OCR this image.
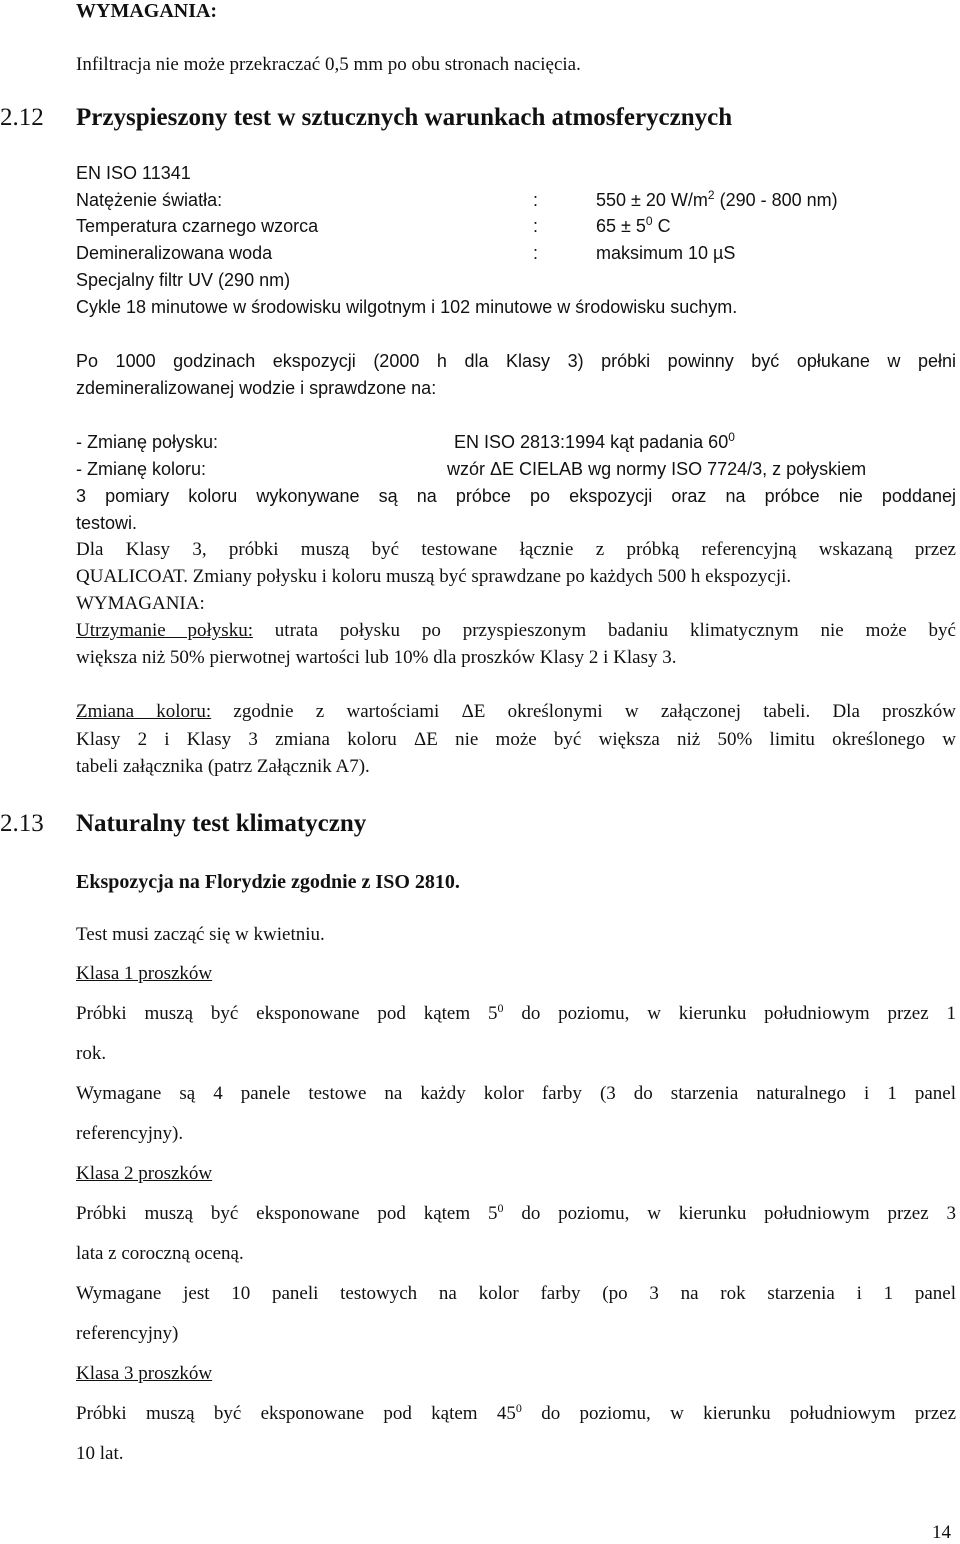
WYMAGANIA:
Infiltracja nie może przekraczać 0,5 mm po obu stronach nacięcia.
2.12 Przyspieszony test w sztucznych warunkach atmosferycznych
EN ISO 11341
Natężenie światła:	:	550 ± 20 $W/m^2$ (290 - 800 nm)
Temperatura czarnego wzorca	:	$65 \pm 5^0$ C
Demineralizowana woda	:	maksimum 10 µS
Specjalny filtr UV (290 nm)
Cykle 18 minutowe w środowisku wilgotnym i 102 minutowe w środowisku suchym.
Po 1000 godzinach ekspozycji (2000 h dla Klasy 3) próbki powinny być opłukane w pełni
zdemineralizowanej wodzie i sprawdzone na:
- Zmianę połysku:	EN ISO 2813:1994 kąt padania $60^0$
- Zmianę koloru:	wzór ΔE CIELAB wg normy ISO 7724/3, z połyskiem
3 pomiary koloru wykonywane są na próbce po ekspozycji oraz na próbce nie poddanej
testowi.
Dla Klasy 3, próbki muszą być testowane łącznie z próbką referencyjną wskazaną przez
QUALICOAT. Zmiany połysku i koloru muszą być sprawdzane po każdych 500 h ekspozycji.
WYMAGANIA:
Utrzymanie połysku: utrata połysku po przyspieszonym badaniu klimatycznym nie może być
większa niż 50% pierwotnej wartości lub 10% dla proszków Klasy 2 i Klasy 3.
Zmiana koloru: zgodnie z wartościami ΔE określonymi w załączonej tabeli. Dla proszków
Klasy 2 i Klasy 3 zmiana koloru ΔE nie może być większa niż 50% limitu określonego w
tabeli załącznika (patrz Załącznik A7).
2.13 Naturalny test klimatyczny
Ekspozycja na Florydzie zgodnie z ISO 2810.
Test musi zacząć się w kwietniu.
Klasa 1 proszków
Próbki muszą być eksponowane pod kątem $5^0$ do poziomu, w kierunku południowym przez 1
rok.
Wymagane są 4 panele testowe na każdy kolor farby (3 do starzenia naturalnego i 1 panel
referencyjny).
Klasa 2 proszków
Próbki muszą być eksponowane pod kątem $5^0$ do poziomu, w kierunku południowym przez 3
lata z coroczną oceną.
Wymagane jest 10 paneli testowych na kolor farby (po 3 na rok starzenia i 1 panel
referencyjny)
Klasa 3 proszków
Próbki muszą być eksponowane pod kątem $45^0$ do poziomu, w kierunku południowym przez
10 lat.
14
